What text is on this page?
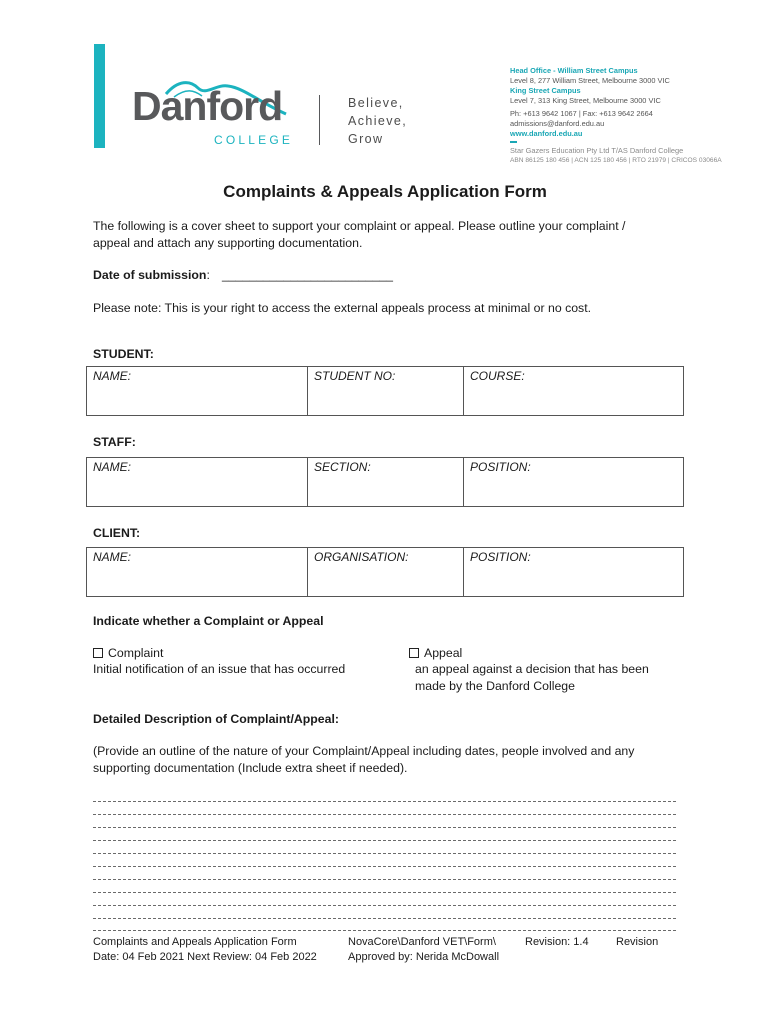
Danford
COLLEGE
Believe,
Achieve,
Grow
Head Office - William Street Campus
Level 8, 277 William Street, Melbourne 3000 VIC
King Street Campus
Level 7, 313 King Street, Melbourne 3000 VIC
Ph: +613 9642 1067 | Fax: +613 9642 2664
admissions@danford.edu.au
www.danford.edu.au
Star Gazers Education Pty Ltd T/AS Danford College
ABN 86125 180 456 | ACN 125 180 456 | RTO 21979 | CRICOS 03066A
Complaints & Appeals Application Form
The following is a cover sheet to support your complaint or appeal. Please outline your complaint /
appeal and attach any supporting documentation.
Date of submission: _________________________
Please note: This is your right to access the external appeals process at minimal or no cost.
STUDENT:
NAME:	STUDENT NO:	COURSE:
STAFF:
NAME:	SECTION:	POSITION:
CLIENT:
NAME:	ORGANISATION:	POSITION:
Indicate whether a Complaint or Appeal
Complaint
Initial notification of an issue that has occurred
Appeal
an appeal against a decision that has been
made by the Danford College
Detailed Description of Complaint/Appeal:
(Provide an outline of the nature of your Complaint/Appeal including dates, people involved and any
supporting documentation (Include extra sheet if needed).
Complaints and Appeals Application Form
Date: 04 Feb 2021 Next Review: 04 Feb 2022
NovaCore\Danford VET\Form\
Approved by: Nerida McDowall
Revision: 1.4 Revision
